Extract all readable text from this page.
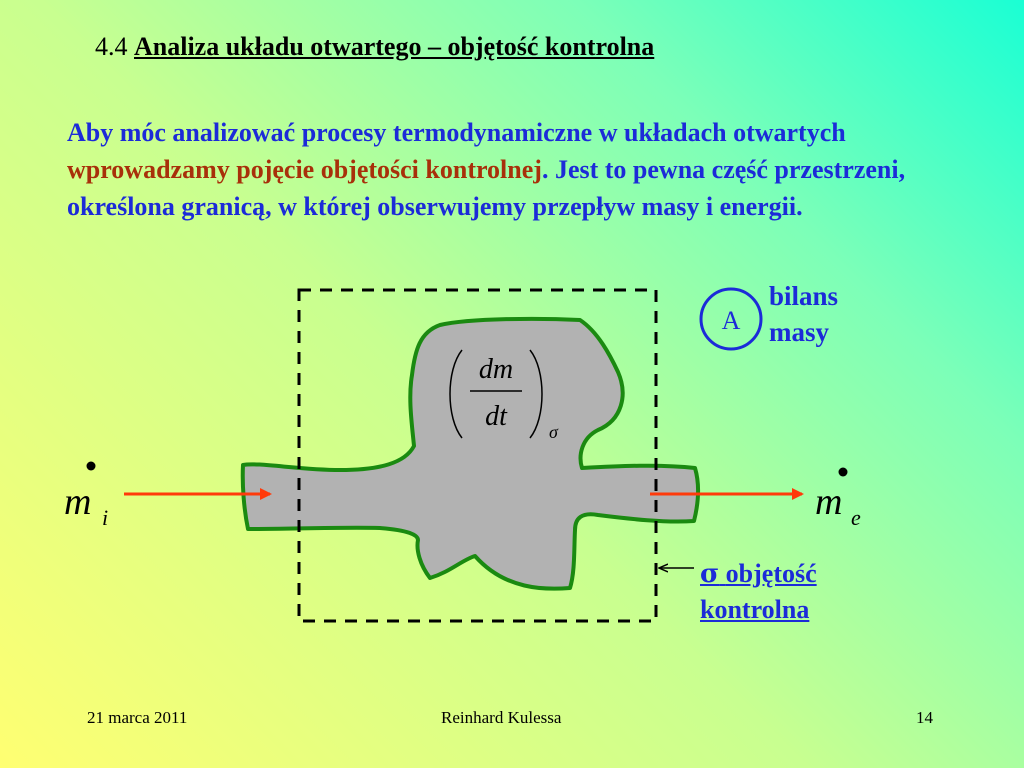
4.4 Analiza układu otwartego – objętość kontrolna
Aby móc analizować procesy termodynamiczne w układach otwartych wprowadzamy pojęcie objętości kontrolnej. Jest to pewna część przestrzeni, określona granicą, w której obserwujemy przepływ masy i energii.
dm
dt σ
m i	m e
A
bilans
masy
σ objętość
kontrolna
21 marca 2011	Reinhard Kulessa	14
